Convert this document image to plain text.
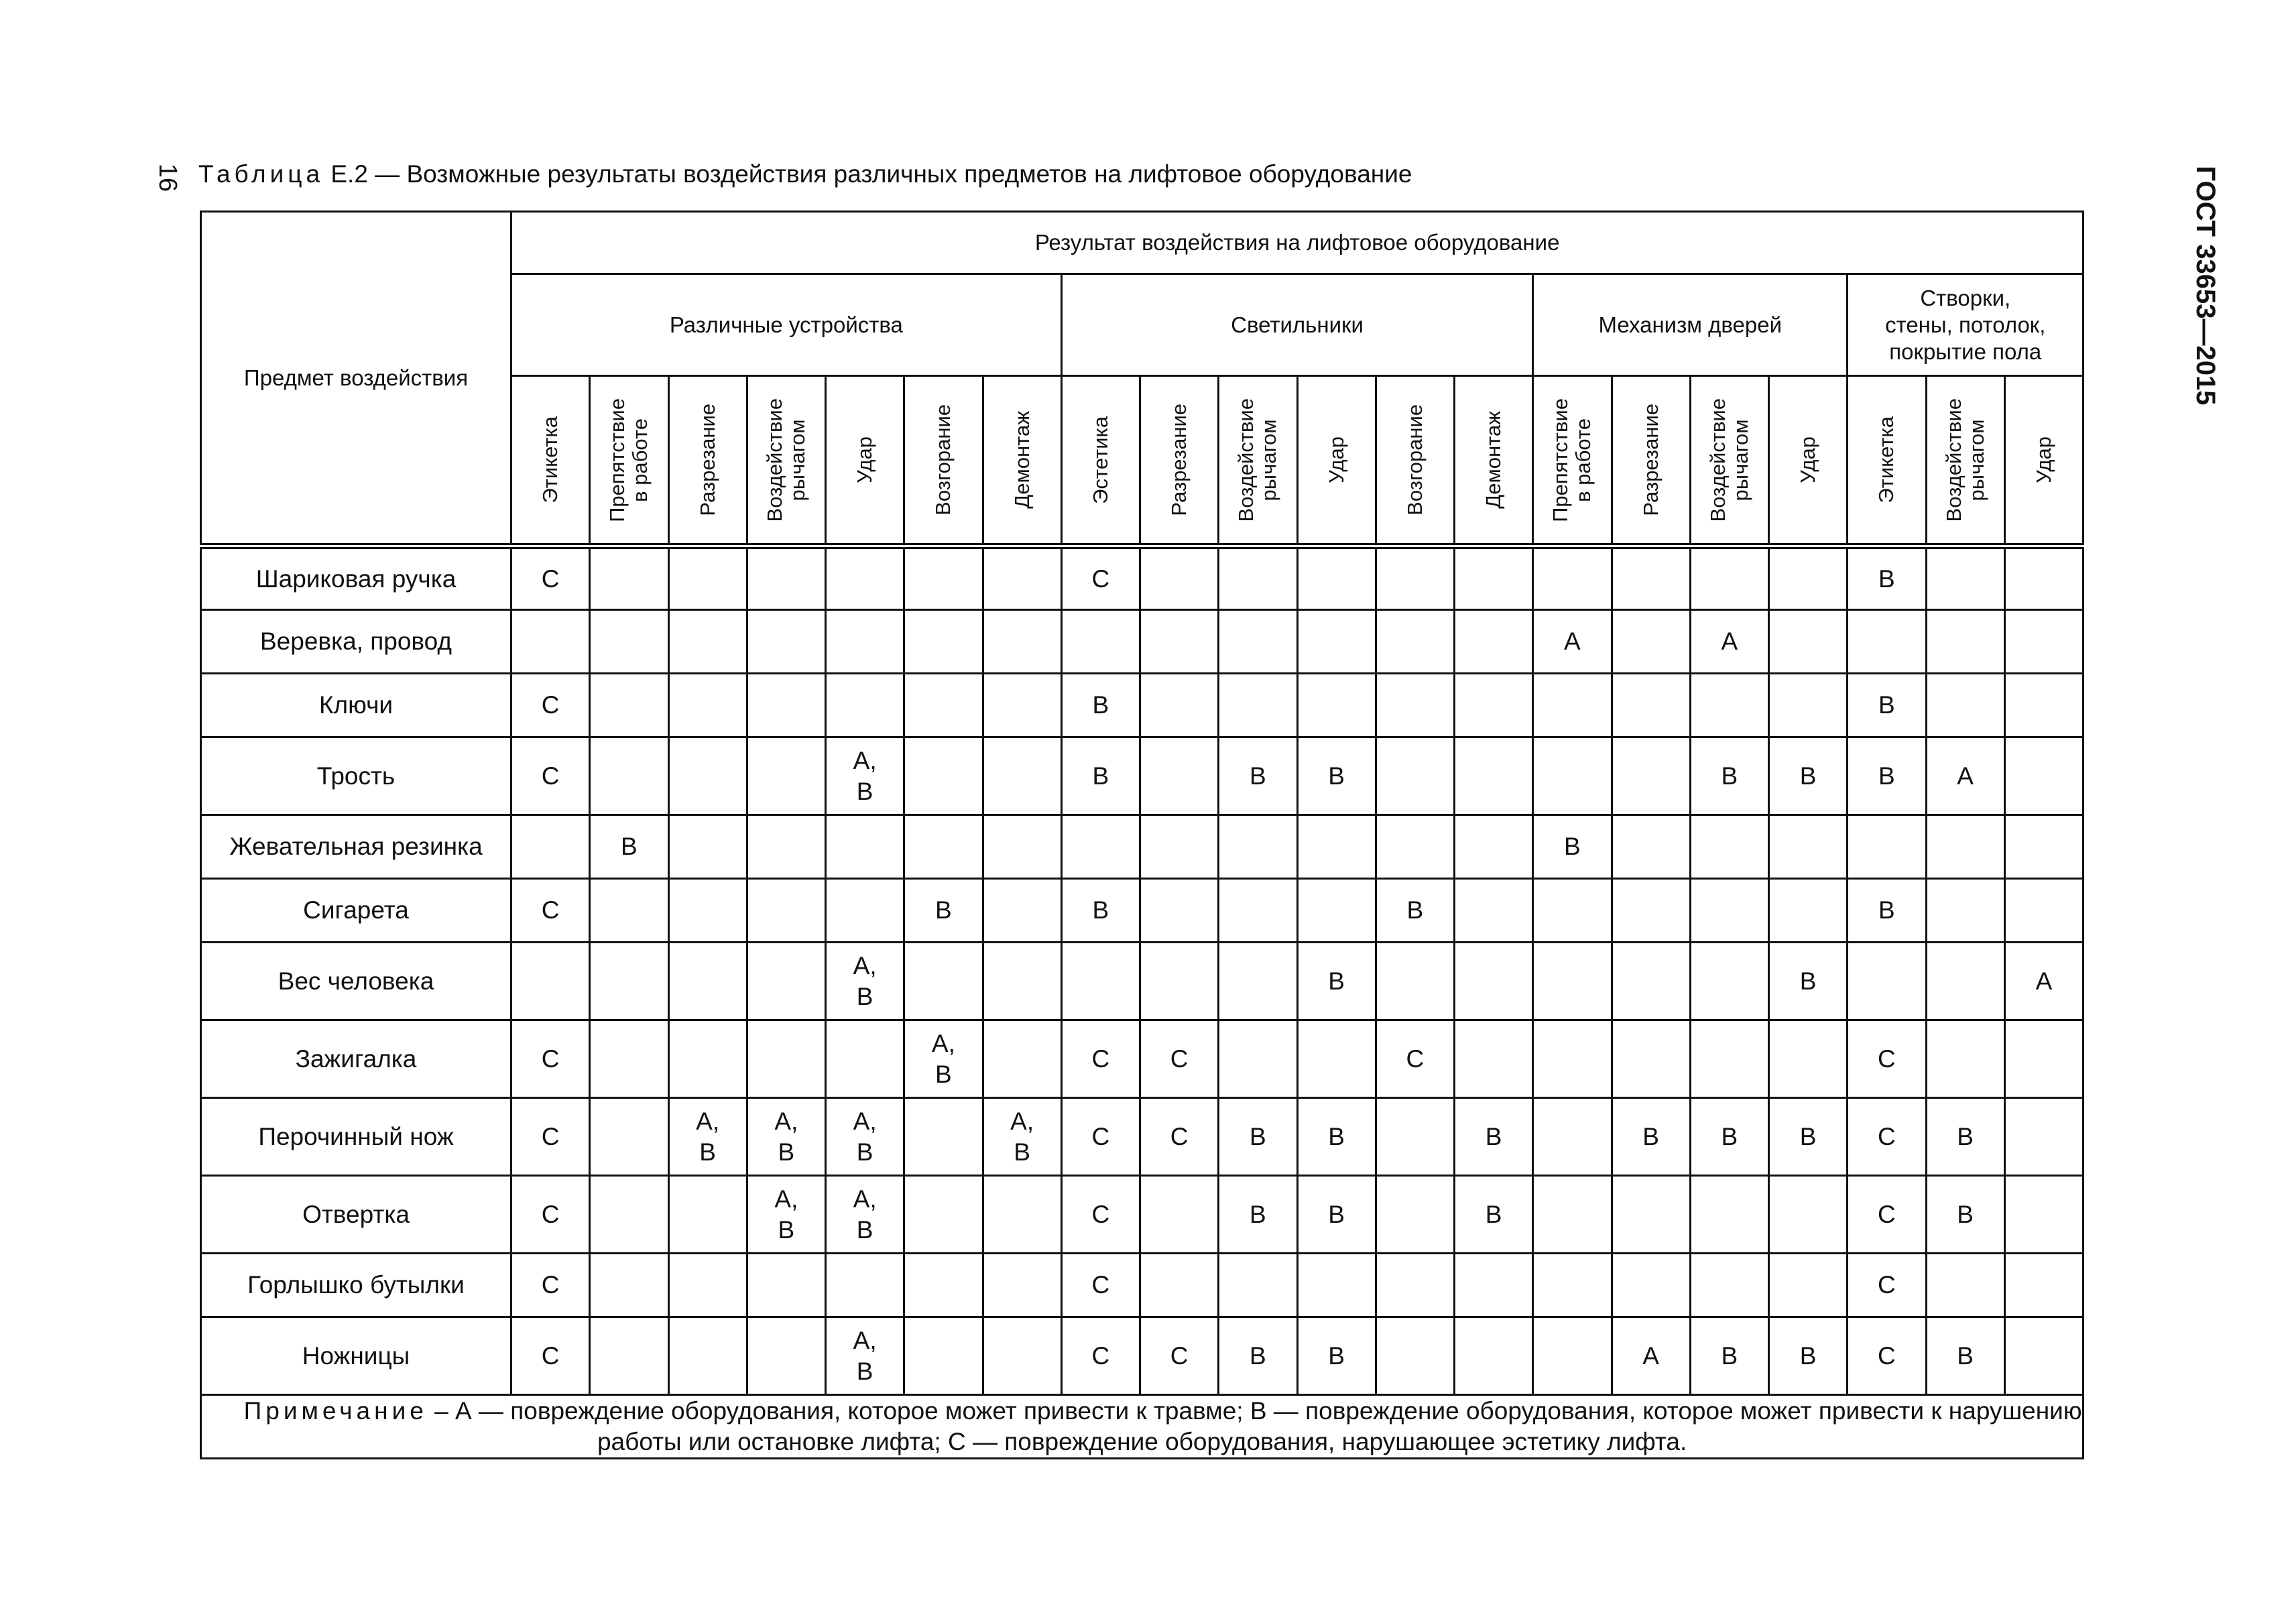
16 Таблица Е.2 — Возможные результаты воздействия различных предметов на лифтовое оборудование	ГОСТ 33653—2015
Предмет воздействия	Результат воздействия на лифтовое оборудование																			
	Различные устройства							Светильники						Механизм дверей				Створки,
стены, потолок,
покрытие пола		

	Этикетка	Препятствие
в работе	Разрезание	Воздействие
рычагом	Удар	Возгорание	Демонтаж	Эстетика	Разрезание	Воздействие
рычагом	Удар	Возгорание	Демонтаж	Препятствие
в работе	Разрезание	Воздействие
рычагом	Удар	Этикетка	Воздействие
рычагом	Удар

Шариковая ручка	С							С										В		
Веревка, провод														А		А				
Ключи	С							В										В		
Трость	С				А,
В			В		В	В					В	В	В	А	
Жевательная резинка		В												В						
Сигарета	С					В		В				В						В		
Вес человека					А,
В						В						В			А
Зажигалка	С					А,
В		С	С			С						С		
Перочинный нож	С		А,
В	А,
В	А,
В		А,
В	С	С	В	В		В		В	В	В	С	В	
Отвертка	С			А,
В	А,
В			С		В	В		В					С	В	
Горлышко бутылки	С							С										С		
Ножницы	С				А,
В			С	С	В	В				А	В	В	С	В	
Примечание – А — повреждение оборудования, которое может привести к травме; В — повреждение оборудования, которое может привести к нарушению работы или остановке лифта; С — повреждение оборудования, нарушающее эстетику лифта.																				
